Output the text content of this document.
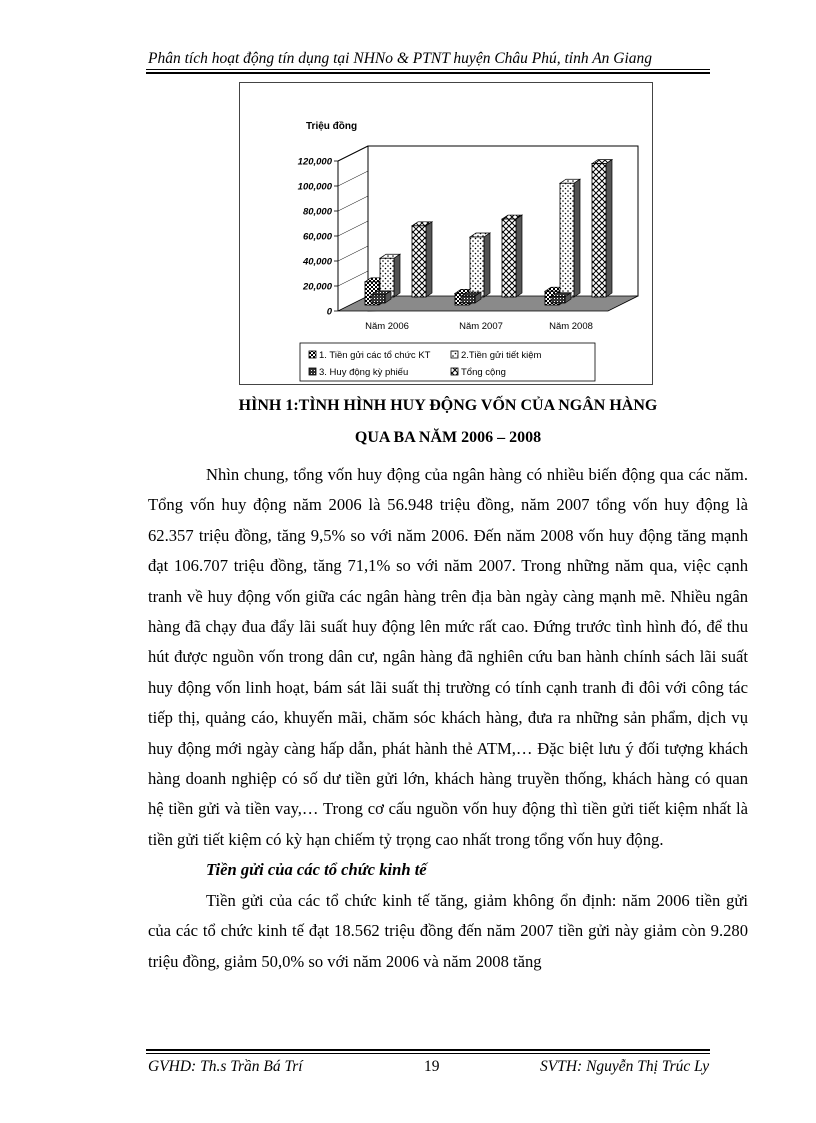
Phân tích hoạt động tín dụng tại NHNo & PTNT huyện Châu Phú, tỉnh An Giang
Triệu đồng
0
20,000
40,000
60,000
80,000
100,000
120,000
Năm 2006	Năm 2007	Năm 2008
1. Tiền gửi các tổ chức KT	2.Tiền gửi tiết kiệm
3. Huy động kỳ phiếu	Tổng cộng
HÌNH 1:TÌNH HÌNH HUY ĐỘNG VỐN CỦA NGÂN HÀNG
QUA BA NĂM 2006 – 2008

Nhìn chung, tổng vốn huy động của ngân hàng có nhiều biến động qua các năm. Tổng vốn huy động năm 2006 là 56.948 triệu đồng, năm 2007 tổng vốn huy động là 62.357 triệu đồng, tăng 9,5% so với năm 2006. Đến năm 2008 vốn huy động tăng mạnh đạt 106.707 triệu đồng, tăng 71,1% so với năm 2007. Trong những năm qua, việc cạnh tranh về huy động vốn giữa các ngân hàng trên địa bàn ngày càng mạnh mẽ. Nhiều ngân hàng đã chạy đua đẩy lãi suất huy động lên mức rất cao. Đứng trước tình hình đó, để thu hút được nguồn vốn trong dân cư, ngân hàng đã nghiên cứu ban hành chính sách lãi suất huy động vốn linh hoạt, bám sát lãi suất thị trường có tính cạnh tranh đi đôi với công tác tiếp thị, quảng cáo, khuyến mãi, chăm sóc khách hàng, đưa ra những sản phẩm, dịch vụ huy động mới ngày càng hấp dẫn, phát hành thẻ ATM,… Đặc biệt lưu ý đối tượng khách hàng doanh nghiệp có số dư tiền gửi lớn, khách hàng truyền thống, khách hàng có quan hệ tiền gửi và tiền vay,… Trong cơ cấu nguồn vốn huy động thì tiền gửi tiết kiệm nhất là tiền gửi tiết kiệm có kỳ hạn chiếm tỷ trọng cao nhất trong tổng vốn huy động.

Tiền gửi của các tổ chức kinh tế

Tiền gửi của các tổ chức kinh tế tăng, giảm không ổn định: năm 2006 tiền gửi của các tổ chức kinh tế đạt 18.562 triệu đồng đến năm 2007 tiền gửi này giảm còn 9.280 triệu đồng, giảm 50,0% so với năm 2006 và năm 2008 tăng

GVHD: Th.s Trần Bá Trí	19	SVTH: Nguyễn Thị Trúc Ly
